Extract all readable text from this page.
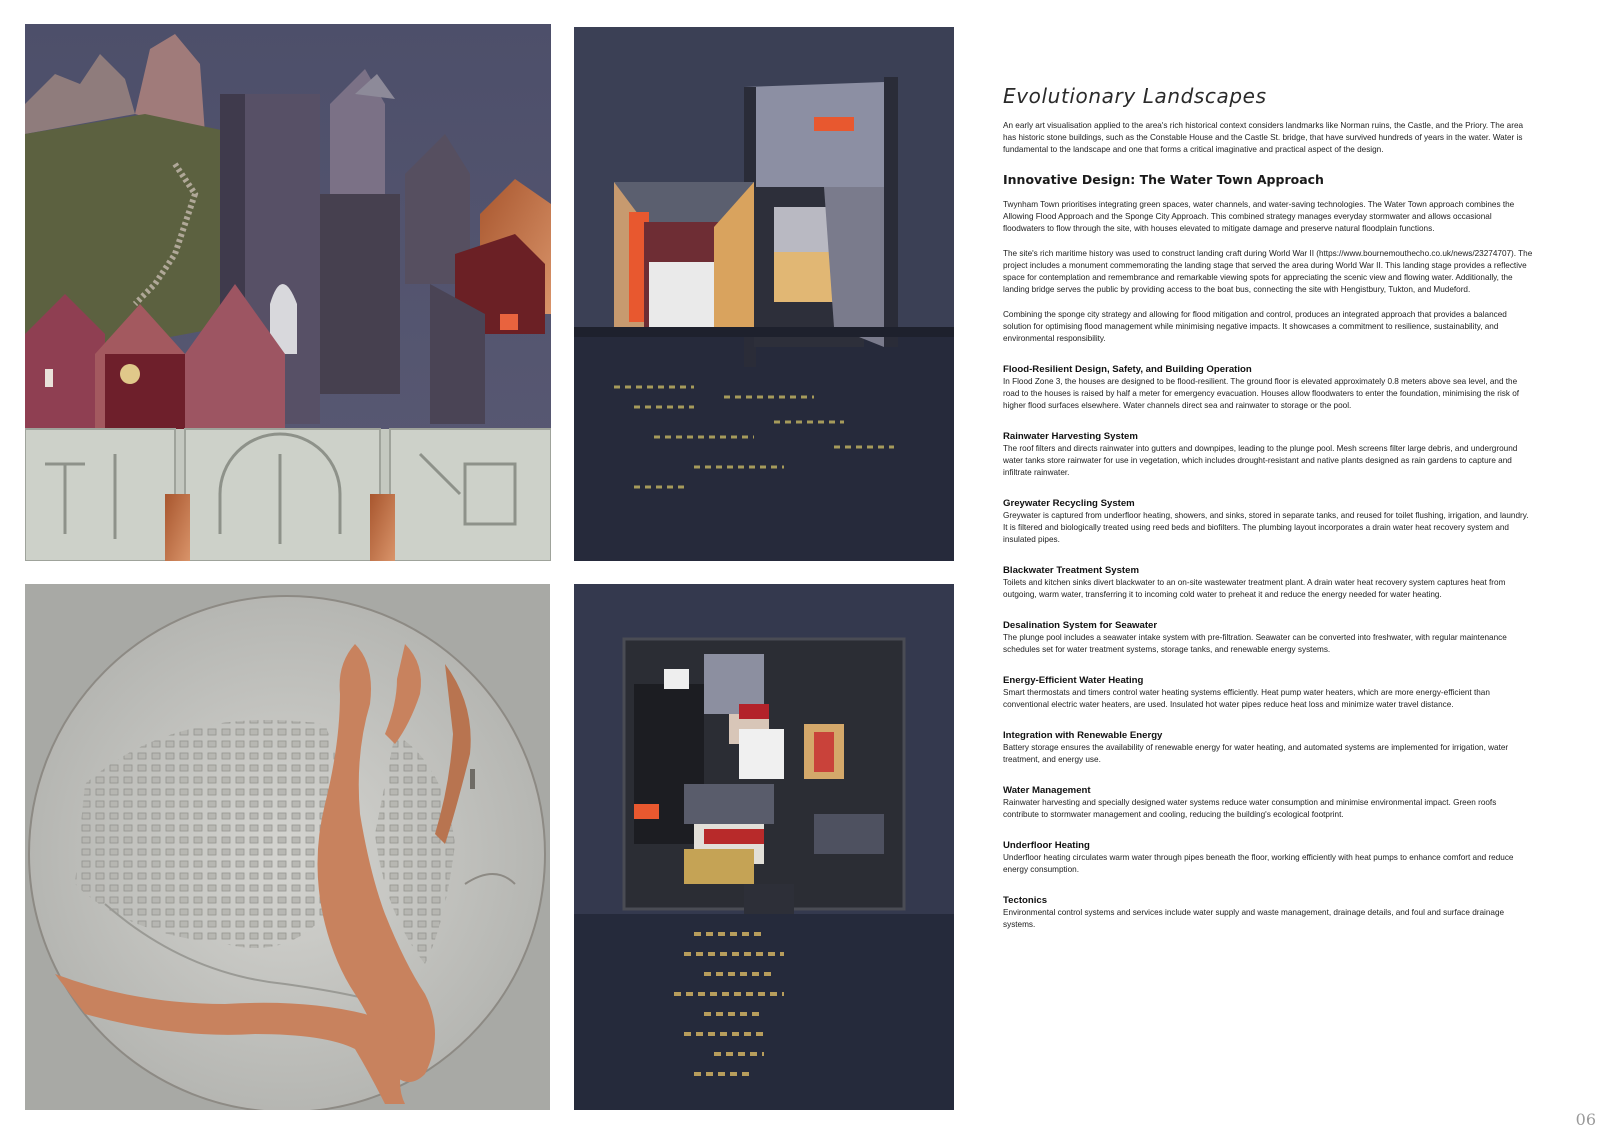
Evolutionary Landscapes

An early art visualisation applied to the area's rich historical context considers landmarks like Norman ruins, the Castle, and the Priory. The area has historic stone buildings, such as the Constable House and the Castle St. bridge, that have survived hundreds of years in the water. Water is fundamental to the landscape and one that forms a critical imaginative and practical aspect of the design.

Innovative Design: The Water Town Approach

Twynham Town prioritises integrating green spaces, water channels, and water-saving technologies. The Water Town approach combines the Allowing Flood Approach and the Sponge City Approach. This combined strategy manages everyday stormwater and allows occasional floodwaters to flow through the site, with houses elevated to mitigate damage and preserve natural floodplain functions.

The site's rich maritime history was used to construct landing craft during World War II (https://www.bournemouthecho.co.uk/news/23274707). The project includes a monument commemorating the landing stage that served the area during World War II. This landing stage provides a reflective space for contemplation and remembrance and remarkable viewing spots for appreciating the scenic view and flowing water. Additionally, the landing bridge serves the public by providing access to the boat bus, connecting the site with Hengistbury, Tukton, and Mudeford.

Combining the sponge city strategy and allowing for flood mitigation and control, produces an integrated approach that provides a balanced solution for optimising flood management while minimising negative impacts. It showcases a commitment to resilience, sustainability, and environmental responsibility.

Flood-Resilient Design, Safety, and Building Operation

In Flood Zone 3, the houses are designed to be flood-resilient. The ground floor is elevated approximately 0.8 meters above sea level, and the road to the houses is raised by half a meter for emergency evacuation. Houses allow floodwaters to enter the foundation, minimising the risk of higher flood surfaces elsewhere. Water channels direct sea and rainwater to storage or the pool.

Rainwater Harvesting System

The roof filters and directs rainwater into gutters and downpipes, leading to the plunge pool. Mesh screens filter large debris, and underground water tanks store rainwater for use in vegetation, which includes drought-resistant and native plants designed as rain gardens to capture and infiltrate rainwater.

Greywater Recycling System

Greywater is captured from underfloor heating, showers, and sinks, stored in separate tanks, and reused for toilet flushing, irrigation, and laundry. It is filtered and biologically treated using reed beds and biofilters. The plumbing layout incorporates a drain water heat recovery system and insulated pipes.

Blackwater Treatment System

Toilets and kitchen sinks divert blackwater to an on-site wastewater treatment plant. A drain water heat recovery system captures heat from outgoing, warm water, transferring it to incoming cold water to preheat it and reduce the energy needed for water heating.

Desalination System for Seawater

The plunge pool includes a seawater intake system with pre-filtration. Seawater can be converted into freshwater, with regular maintenance schedules set for water treatment systems, storage tanks, and renewable energy systems.

Energy-Efficient Water Heating

Smart thermostats and timers control water heating systems efficiently. Heat pump water heaters, which are more energy-efficient than conventional electric water heaters, are used. Insulated hot water pipes reduce heat loss and minimize water travel distance.

Integration with Renewable Energy

Battery storage ensures the availability of renewable energy for water heating, and automated systems are implemented for irrigation, water treatment, and energy use.

Water Management

Rainwater harvesting and specially designed water systems reduce water consumption and minimise environmental impact. Green roofs contribute to stormwater management and cooling, reducing the building's ecological footprint.

Underfloor Heating

Underfloor heating circulates warm water through pipes beneath the floor, working efficiently with heat pumps to enhance comfort and reduce energy consumption.

Tectonics

Environmental control systems and services include water supply and waste management, drainage details, and foul and surface drainage systems.

06
